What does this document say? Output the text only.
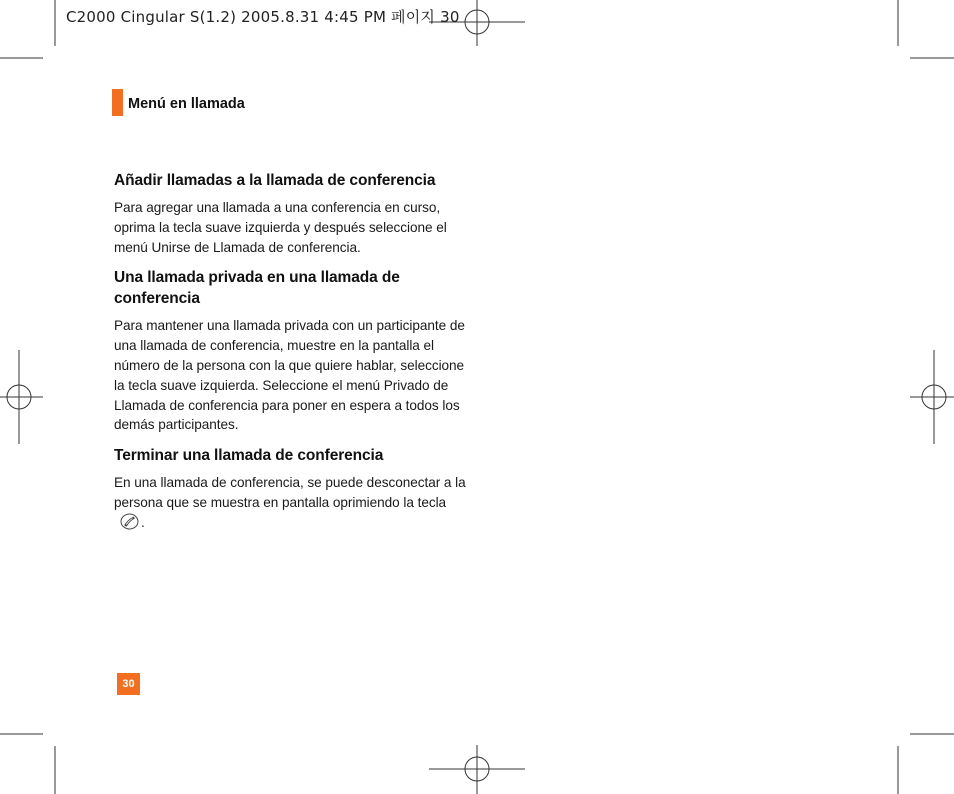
C2000 Cingular S(1.2) 2005.8.31 4:45 PM 페이지 30
Menú en llamada
Añadir llamadas a la llamada de conferencia
Para agregar una llamada a una conferencia en curso, oprima la tecla suave izquierda y después seleccione el menú Unirse de Llamada de conferencia.
Una llamada privada en una llamada de conferencia
Para mantener una llamada privada con un participante de una llamada de conferencia, muestre en la pantalla el número de la persona con la que quiere hablar, seleccione la tecla suave izquierda. Seleccione el menú Privado de Llamada de conferencia para poner en espera a todos los demás participantes.
Terminar una llamada de conferencia
En una llamada de conferencia, se puede desconectar a la persona que se muestra en pantalla oprimiendo la tecla.
30
